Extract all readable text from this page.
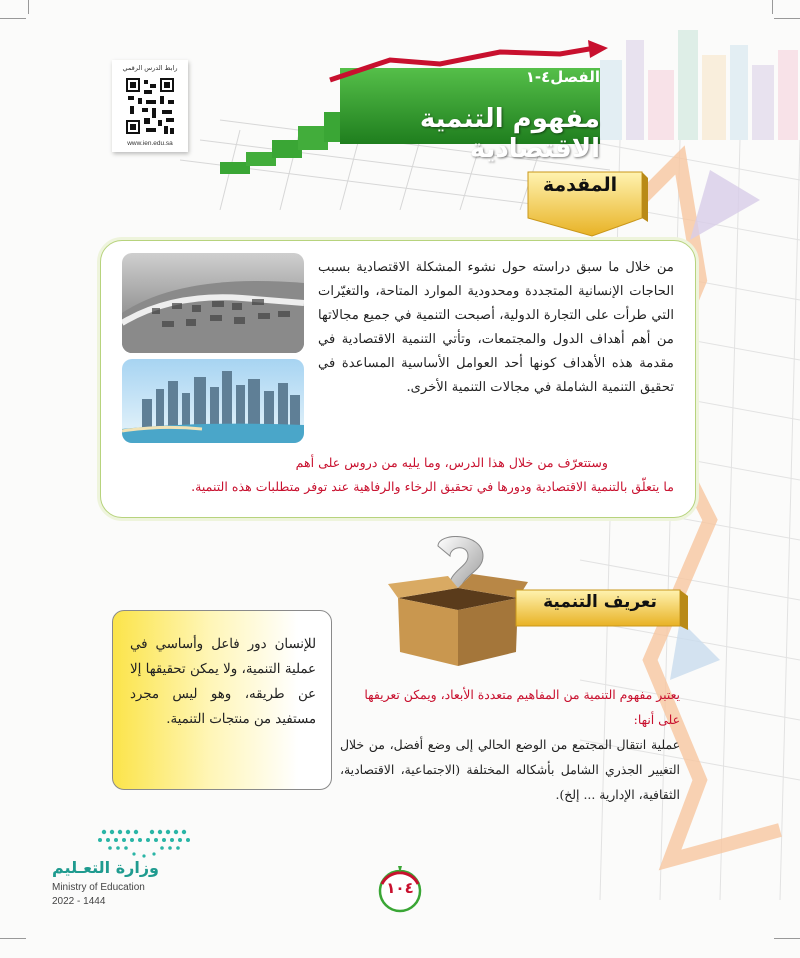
رابط الدرس الرقمي
www.ien.edu.sa
الفصل٤-١
مفهوم التنمية الاقتصادية
المقدمة
من خلال ما سبق دراسته حول نشوء المشكلة الاقتصادية بسبب الحاجات الإنسانية المتجددة ومحدودية الموارد المتاحة، والتغيّرات التي طرأت على التجارة الدولية، أصبحت التنمية في جميع مجالاتها من أهم أهداف الدول والمجتمعات، وتأتي التنمية الاقتصادية في مقدمة هذه الأهداف كونها أحد العوامل الأساسية المساعدة في تحقيق التنمية الشاملة في مجالات التنمية الأخرى.
وستتعرّف من خلال هذا الدرس، وما يليه من دروس على أهم
ما يتعلّق بالتنمية الاقتصادية ودورها في تحقيق الرخاء والرفاهية عند توفر متطلبات هذه التنمية.
تعريف التنمية
يعتبر مفهوم التنمية من المفاهيم متعددة الأبعاد، ويمكن تعريفها على أنها:
عملية انتقال المجتمع من الوضع الحالي إلى وضع أفضل، من خلال التغيير الجذري الشامل بأشكاله المختلفة (الاجتماعية، الاقتصادية، الثقافية، الإدارية ... إلخ).
للإنسان دور فاعل وأساسي في عملية التنمية، ولا يمكن تحقيقها إلا عن طريقه، وهو ليس مجرد مستفيد من منتجات التنمية.
وزارة التعـليم
Ministry of Education
2022 - 1444
١٠٤
